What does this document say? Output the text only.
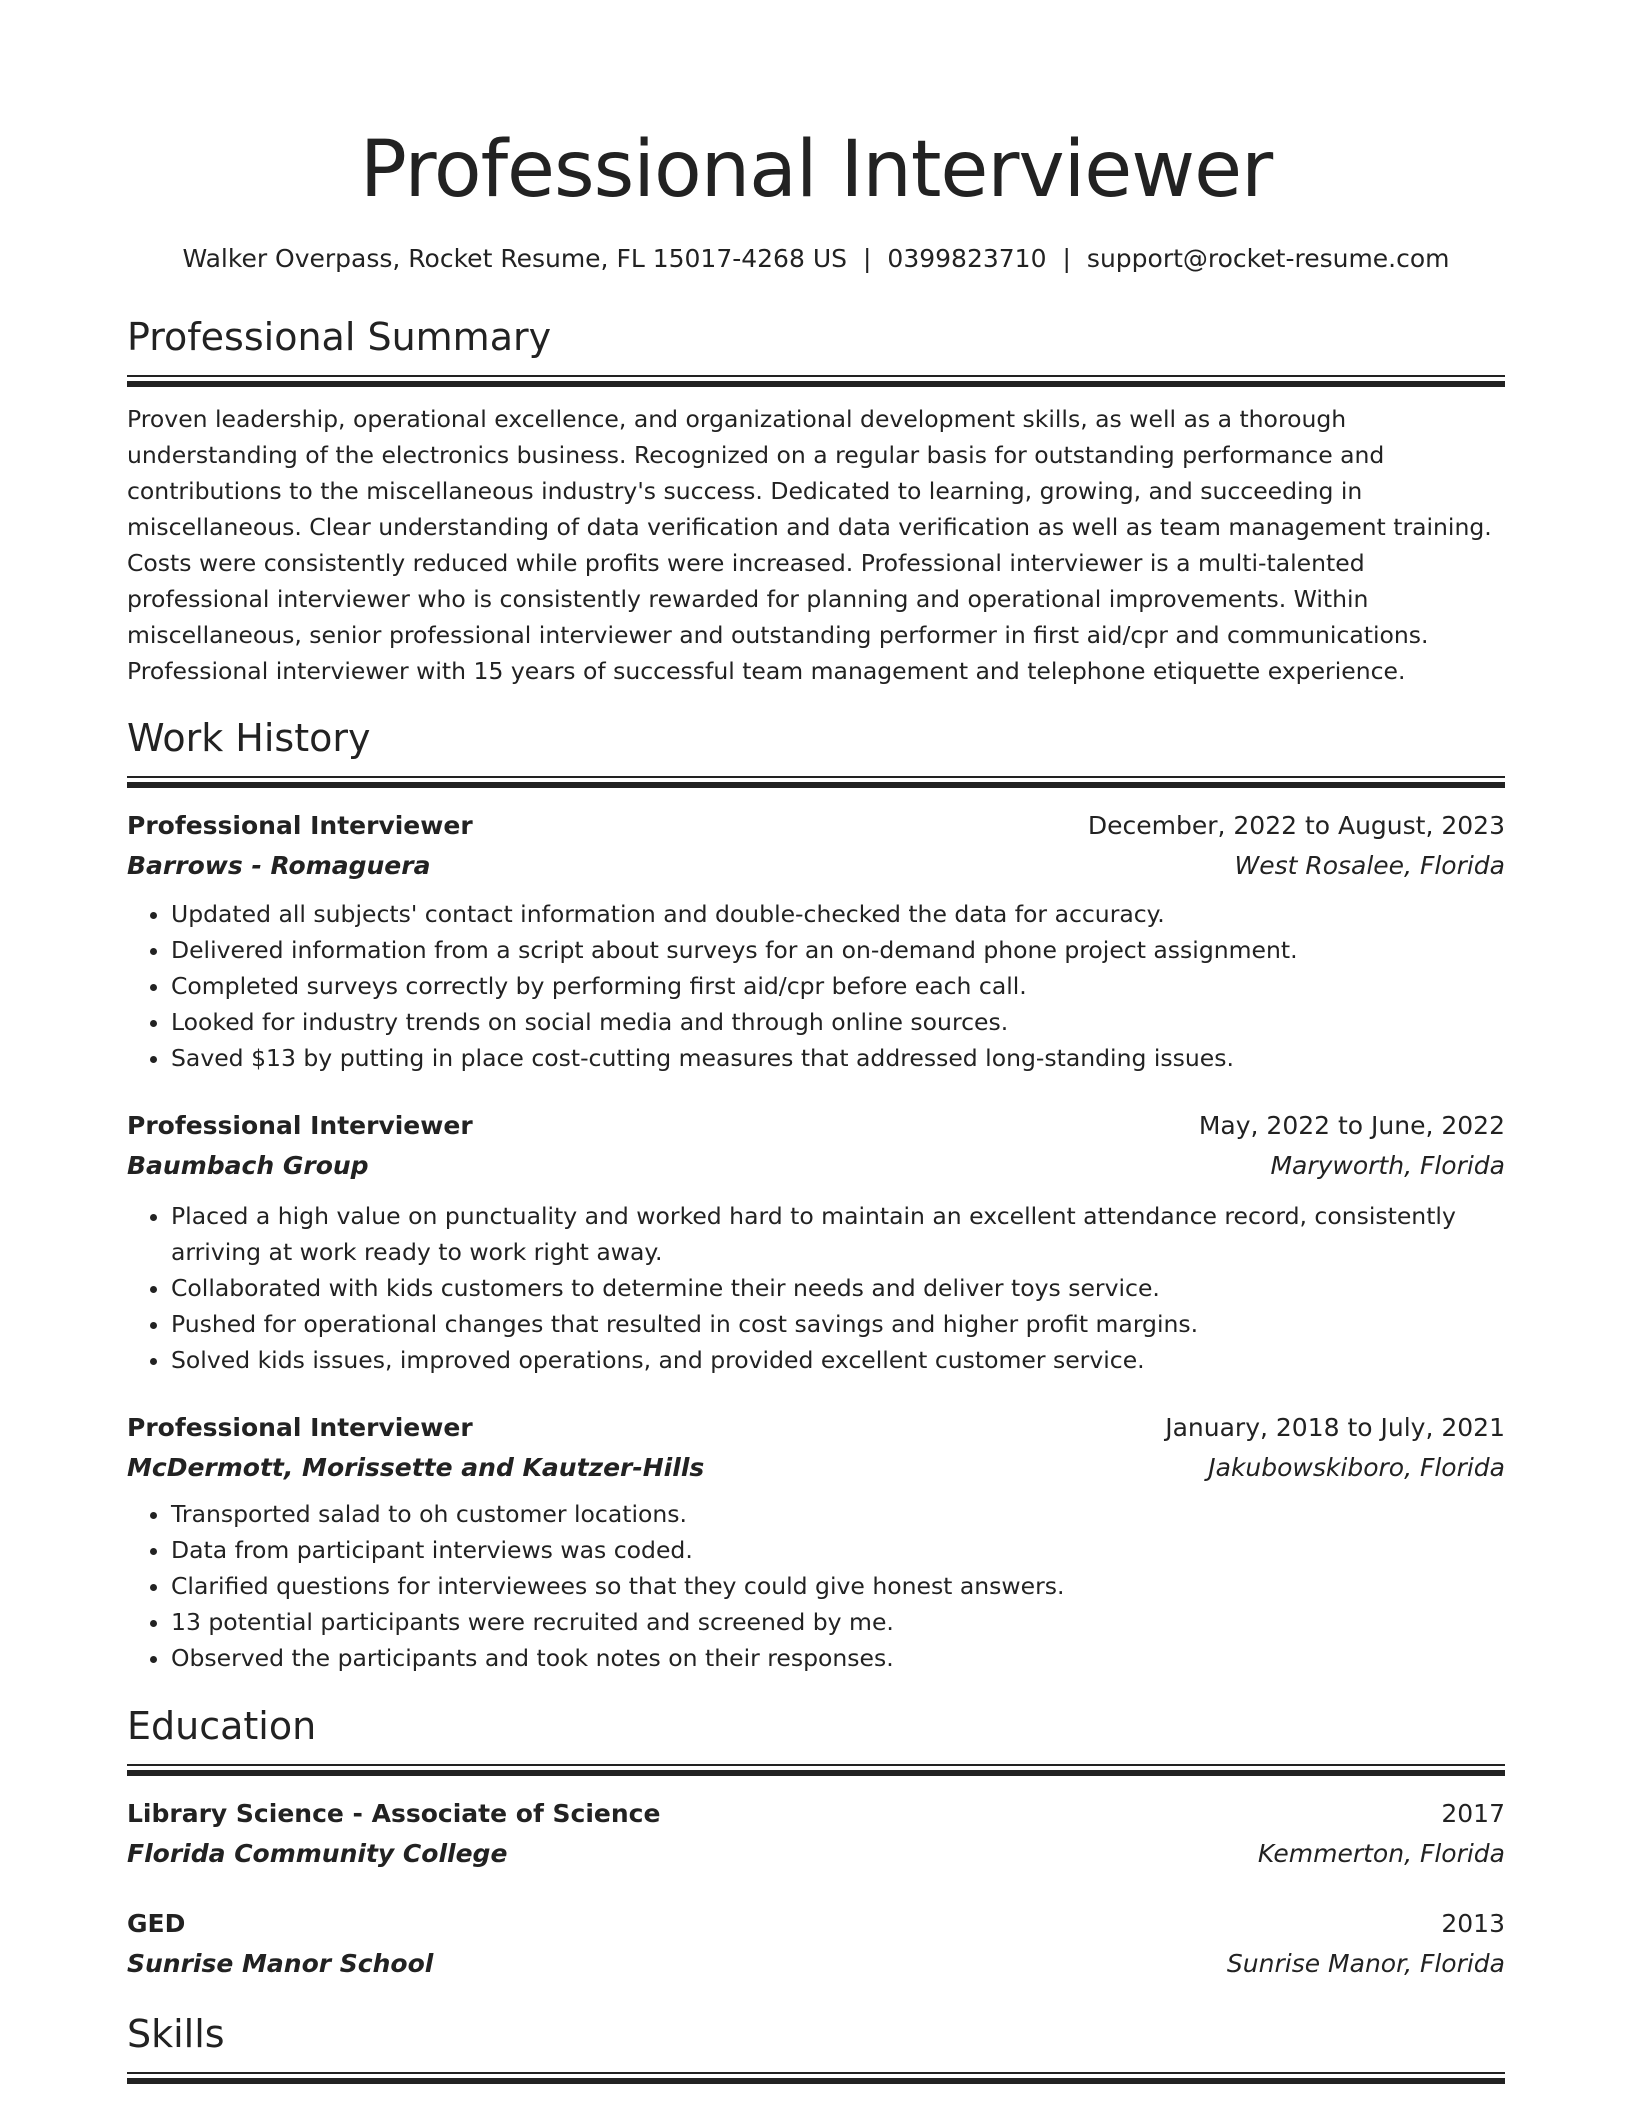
Professional Interviewer
Walker Overpass, Rocket Resume, FL 15017-4268 US | 0399823710 | support@rocket-resume.com
Professional Summary

Proven leadership, operational excellence, and organizational development skills, as well as a thorough understanding of the electronics business. Recognized on a regular basis for outstanding performance and contributions to the miscellaneous industry's success. Dedicated to learning, growing, and succeeding in miscellaneous. Clear understanding of data verification and data verification as well as team management training. Costs were consistently reduced while profits were increased. Professional interviewer is a multi-talented professional interviewer who is consistently rewarded for planning and operational improvements. Within miscellaneous, senior professional interviewer and outstanding performer in first aid/cpr and communications. Professional interviewer with 15 years of successful team management and telephone etiquette experience.

Work History
Professional Interviewer	December, 2022 to August, 2023
Barrows - Romaguera	West Rosalee, Florida
• Updated all subjects' contact information and double-checked the data for accuracy.
• Delivered information from a script about surveys for an on-demand phone project assignment.
• Completed surveys correctly by performing first aid/cpr before each call.
• Looked for industry trends on social media and through online sources.
• Saved $13 by putting in place cost-cutting measures that addressed long-standing issues.
Professional Interviewer	May, 2022 to June, 2022
Baumbach Group	Maryworth, Florida
• Placed a high value on punctuality and worked hard to maintain an excellent attendance record, consistently arriving at work ready to work right away.
• Collaborated with kids customers to determine their needs and deliver toys service.
• Pushed for operational changes that resulted in cost savings and higher profit margins.
• Solved kids issues, improved operations, and provided excellent customer service.
Professional Interviewer	January, 2018 to July, 2021
McDermott, Morissette and Kautzer-Hills	Jakubowskiboro, Florida
• Transported salad to oh customer locations.
• Data from participant interviews was coded.
• Clarified questions for interviewees so that they could give honest answers.
• 13 potential participants were recruited and screened by me.
• Observed the participants and took notes on their responses.
Education
Library Science - Associate of Science	2017
Florida Community College	Kemmerton, Florida
GED	2013
Sunrise Manor School	Sunrise Manor, Florida
Skills
